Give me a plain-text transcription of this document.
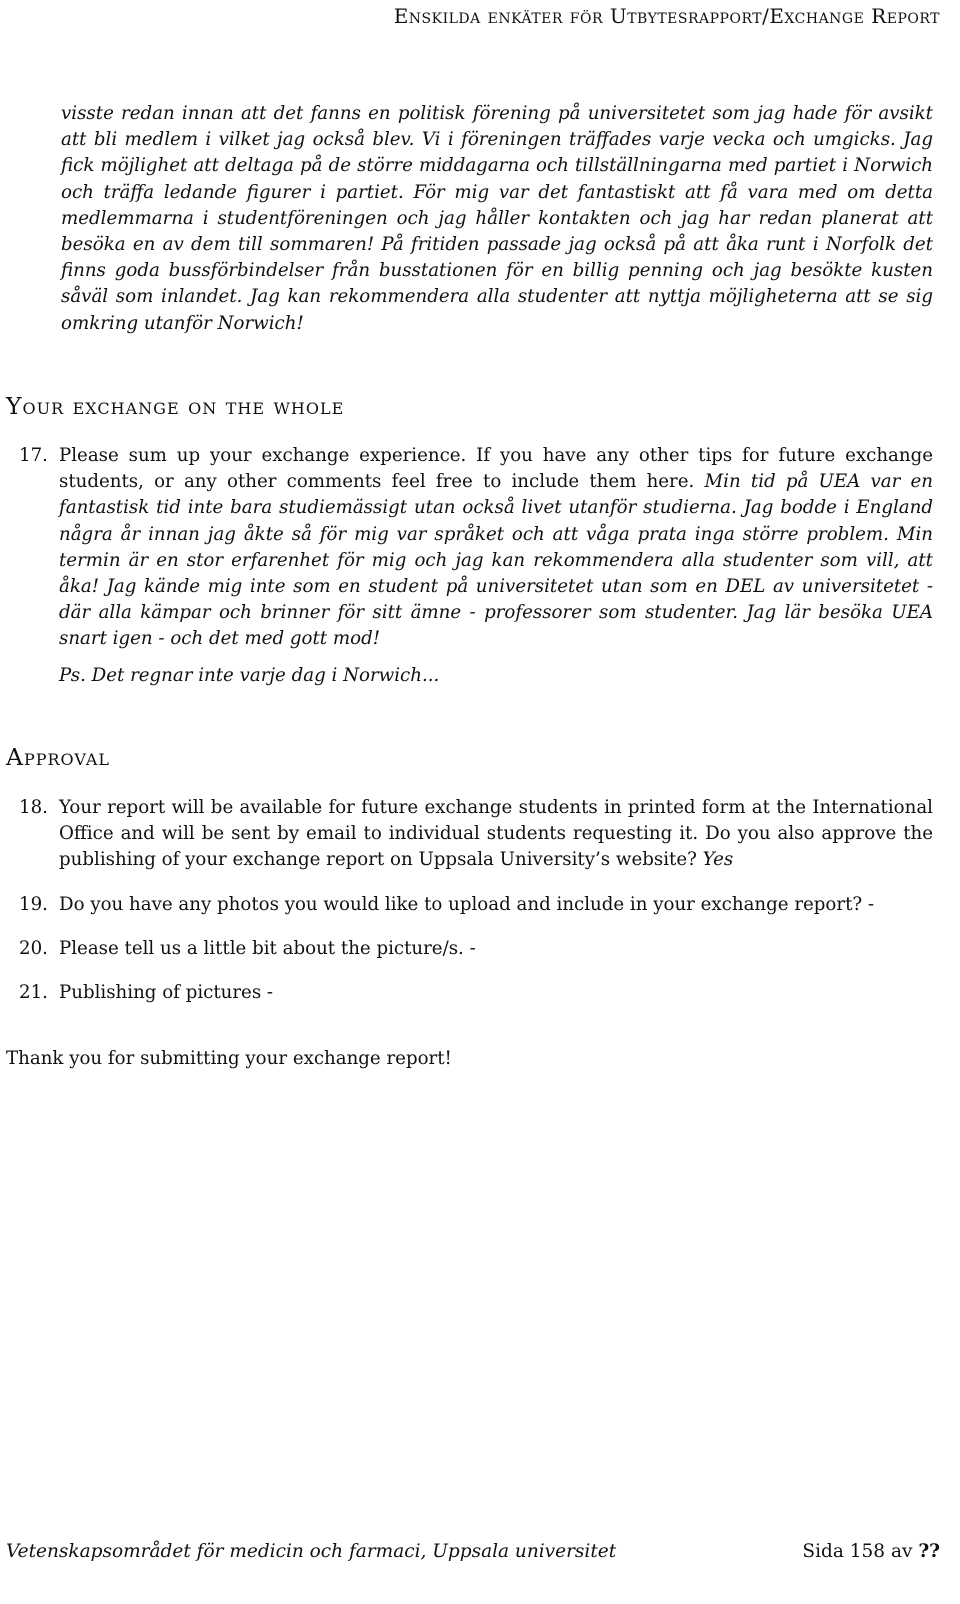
Enskilda enkäter för Utbytesrapport/Exchange Report
visste redan innan att det fanns en politisk förening på universitetet som jag hade för avsikt att bli medlem i vilket jag också blev. Vi i föreningen träffades varje vecka och umgicks. Jag fick möjlighet att deltaga på de större middagarna och tillställningarna med partiet i Norwich och träffa ledande figurer i partiet. För mig var det fantastiskt att få vara med om detta medlemmarna i studentföreningen och jag håller kontakten och jag har redan planerat att besöka en av dem till sommaren! På fritiden passade jag också på att åka runt i Norfolk det finns goda bussförbindelser från busstationen för en billig penning och jag besökte kusten såväl som inlandet. Jag kan rekommendera alla studenter att nyttja möjligheterna att se sig omkring utanför Norwich!
Your exchange on the whole
17. Please sum up your exchange experience. If you have any other tips for future exchange students, or any other comments feel free to include them here. Min tid på UEA var en fantastisk tid inte bara studiemässigt utan också livet utanför studierna. Jag bodde i England några år innan jag åkte så för mig var språket och att våga prata inga större problem. Min termin är en stor erfarenhet för mig och jag kan rekommendera alla studenter som vill, att åka! Jag kände mig inte som en student på universitetet utan som en DEL av universitetet - där alla kämpar och brinner för sitt ämne - professorer som studenter. Jag lär besöka UEA snart igen - och det med gott mod!
Ps. Det regnar inte varje dag i Norwich...
Approval
18. Your report will be available for future exchange students in printed form at the International Office and will be sent by email to individual students requesting it. Do you also approve the publishing of your exchange report on Uppsala University’s website? Yes
19. Do you have any photos you would like to upload and include in your exchange report? -
20. Please tell us a little bit about the picture/s. -
21. Publishing of pictures -
Thank you for submitting your exchange report!
Vetenskapsområdet för medicin och farmaci, Uppsala universitet	Sida 158 av ??
